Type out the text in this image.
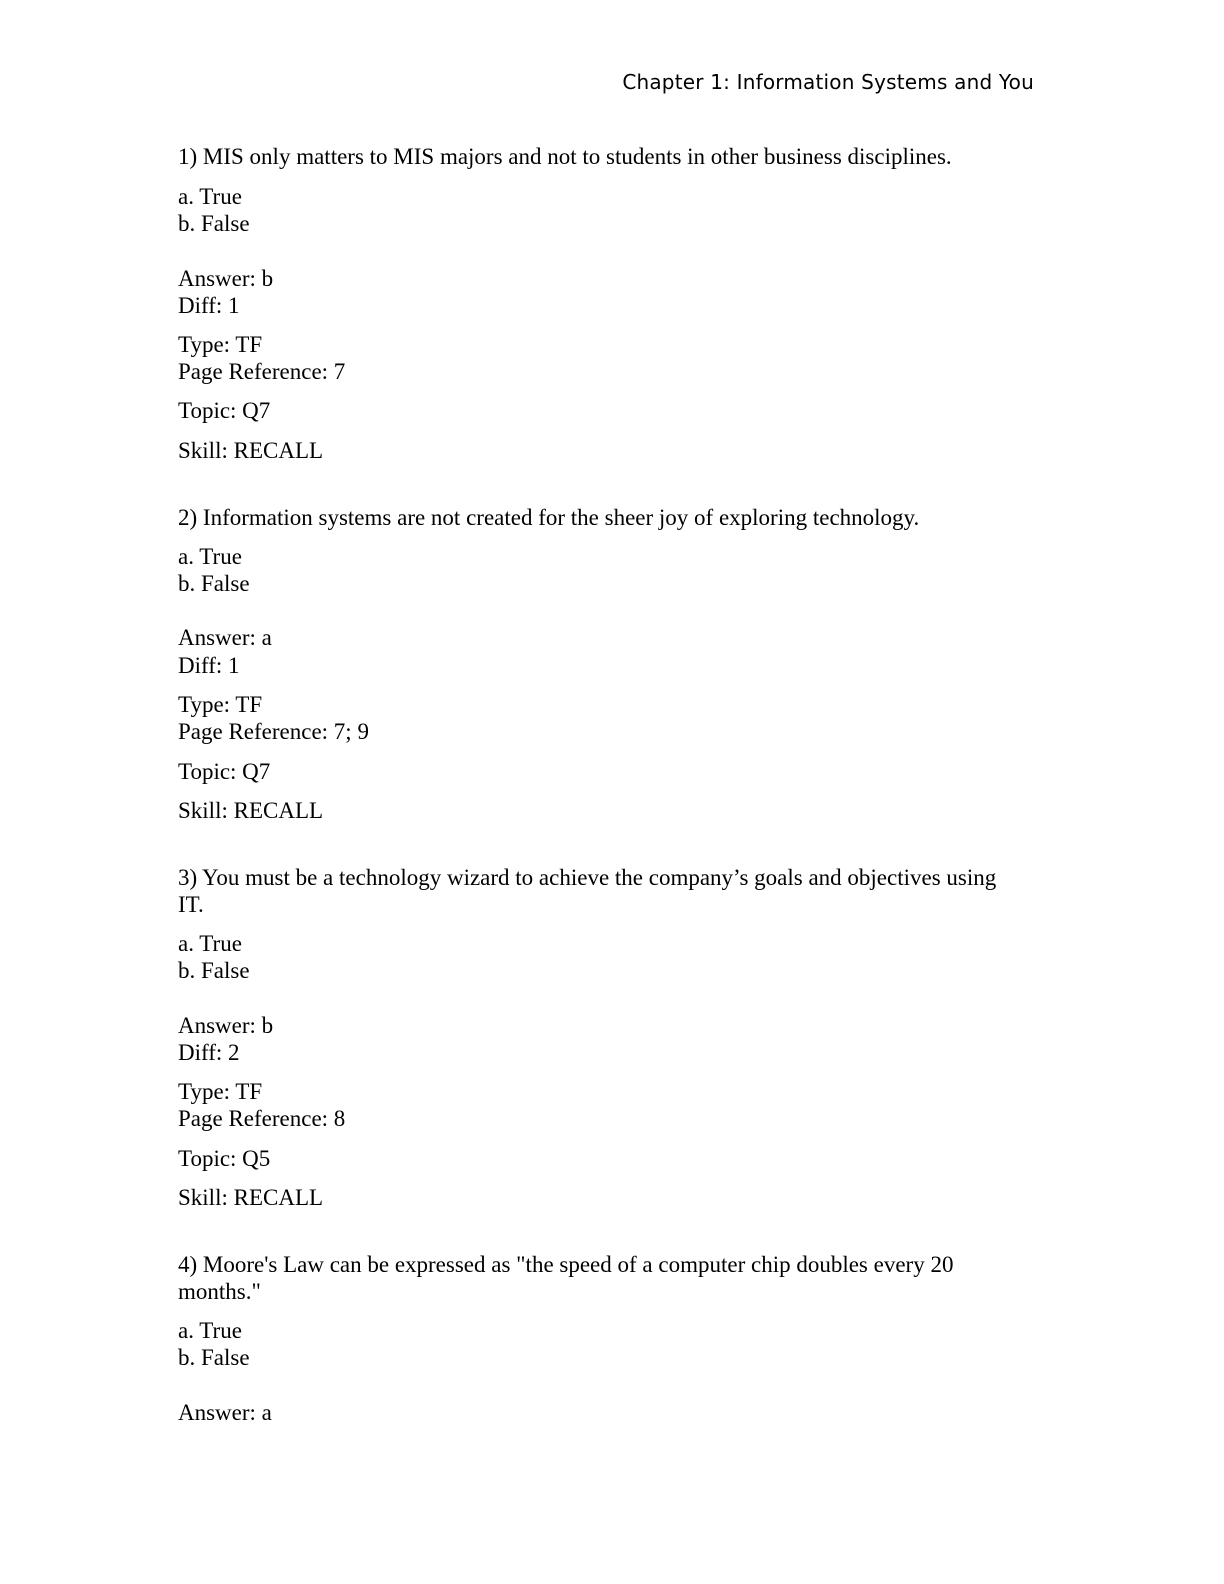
Chapter 1: Information Systems and You
1) MIS only matters to MIS majors and not to students in other business disciplines.
a. True
b. False
Answer: b
Diff: 1
Type: TF
Page Reference: 7
Topic: Q7
Skill: RECALL
2) Information systems are not created for the sheer joy of exploring technology.
a. True
b. False
Answer: a
Diff: 1
Type: TF
Page Reference: 7; 9
Topic: Q7
Skill: RECALL
3) You must be a technology wizard to achieve the company’s goals and objectives using
IT.
a. True
b. False
Answer: b
Diff: 2
Type: TF
Page Reference: 8
Topic: Q5
Skill: RECALL
4) Moore's Law can be expressed as "the speed of a computer chip doubles every 20
months."
a. True
b. False
Answer: a
